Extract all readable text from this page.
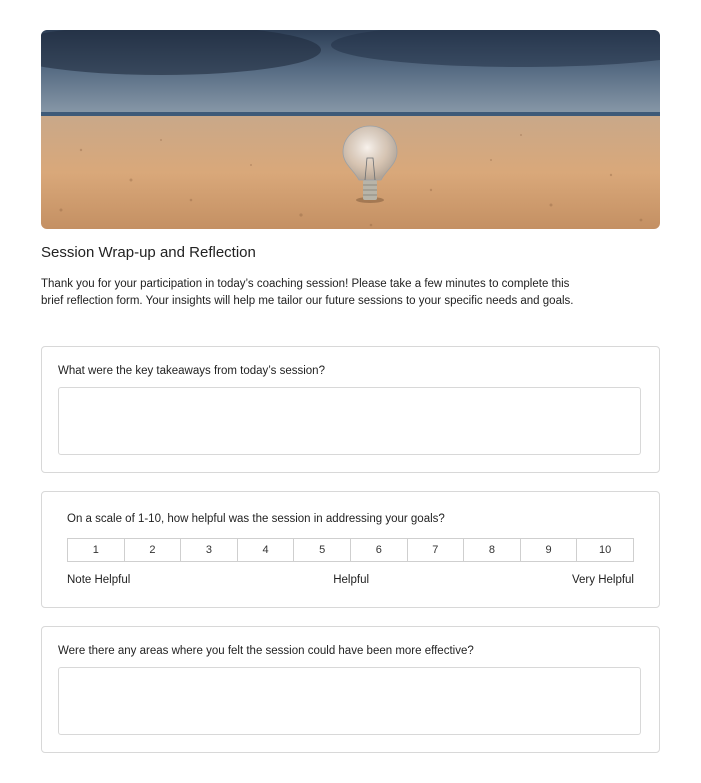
Session Wrap-up and Reflection

Thank you for your participation in today’s coaching session! Please take a few minutes to complete this brief reflection form. Your insights will help me tailor our future sessions to your specific needs and goals.

What were the key takeaways from today’s session?
On a scale of 1-10, how helpful was the session in addressing your goals?
1	2	3	4	5	6	7	8	9	10
Note Helpful	Helpful	Very Helpful
Were there any areas where you felt the session could have been more effective?
